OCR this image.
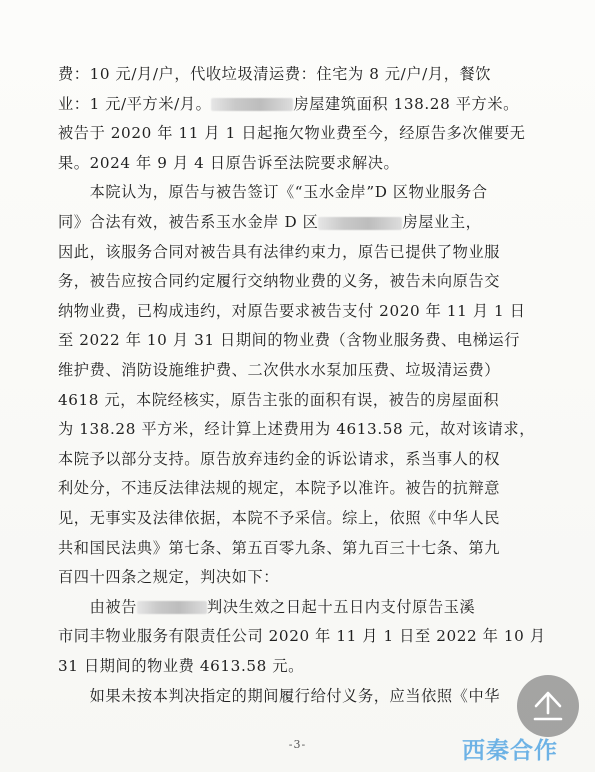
费：10 元/月/户，代收垃圾清运费：住宅为 8 元/户/月，餐饮
业：1 元/平方米/月。	房屋建筑面积 138.28 平方米。
被告于 2020 年 11 月 1 日起拖欠物业费至今，经原告多次催要无
果。2024 年 9 月 4 日原告诉至法院要求解决。
　　本院认为，原告与被告签订《“玉水金岸”D 区物业服务合
同》合法有效，被告系玉水金岸 D 区	房屋业主，
因此，该服务合同对被告具有法律约束力，原告已提供了物业服
务，被告应按合同约定履行交纳物业费的义务，被告未向原告交
纳物业费，已构成违约，对原告要求被告支付 2020 年 11 月 1 日
至 2022 年 10 月 31 日期间的物业费（含物业服务费、电梯运行
维护费、消防设施维护费、二次供水水泵加压费、垃圾清运费）
4618 元，本院经核实，原告主张的面积有误，被告的房屋面积
为 138.28 平方米，经计算上述费用为 4613.58 元，故对该请求，
本院予以部分支持。原告放弃违约金的诉讼请求，系当事人的权
利处分，不违反法律法规的规定，本院予以准许。被告的抗辩意
见，无事实及法律依据，本院不予采信。综上，依照《中华人民
共和国民法典》第七条、第五百零九条、第九百三十七条、第九
百四十四条之规定，判决如下：
　　由被告	判决生效之日起十五日内支付原告玉溪
市同丰物业服务有限责任公司 2020 年 11 月 1 日至 2022 年 10 月
31 日期间的物业费 4613.58 元。
　　如果未按本判决指定的期间履行给付义务，应当依照《中华
-3-	西秦合作
